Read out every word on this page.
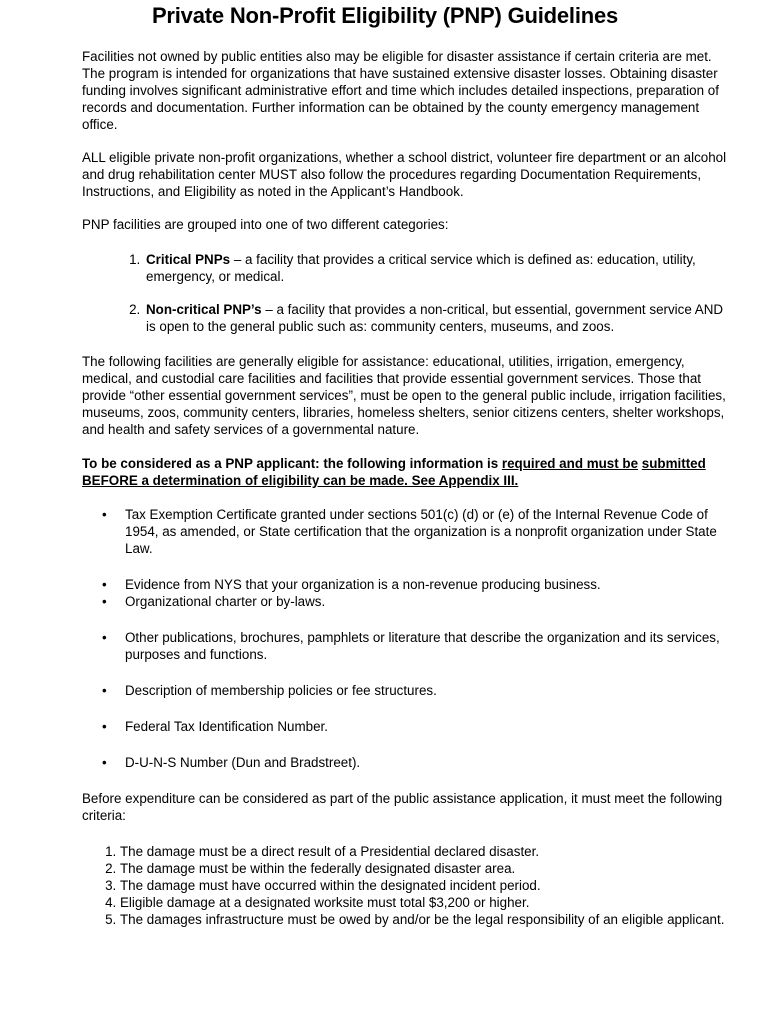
Private Non-Profit Eligibility (PNP) Guidelines

Facilities not owned by public entities also may be eligible for disaster assistance if certain criteria are met. The program is intended for organizations that have sustained extensive disaster losses. Obtaining disaster funding involves significant administrative effort and time which includes detailed inspections, preparation of records and documentation. Further information can be obtained by the county emergency management office.

ALL eligible private non-profit organizations, whether a school district, volunteer fire department or an alcohol and drug rehabilitation center MUST also follow the procedures regarding Documentation Requirements, Instructions, and Eligibility as noted in the Applicant’s Handbook.

PNP facilities are grouped into one of two different categories:

1. Critical PNPs – a facility that provides a critical service which is defined as: education, utility, emergency, or medical.
2. Non-critical PNP’s – a facility that provides a non-critical, but essential, government service AND is open to the general public such as: community centers, museums, and zoos.

The following facilities are generally eligible for assistance: educational, utilities, irrigation, emergency, medical, and custodial care facilities and facilities that provide essential government services. Those that provide “other essential government services”, must be open to the general public include, irrigation facilities, museums, zoos, community centers, libraries, homeless shelters, senior citizens centers, shelter workshops, and health and safety services of a governmental nature.

To be considered as a PNP applicant: the following information is required and must be submitted BEFORE a determination of eligibility can be made. See Appendix III.

• Tax Exemption Certificate granted under sections 501(c) (d) or (e) of the Internal Revenue Code of 1954, as amended, or State certification that the organization is a nonprofit organization under State Law.
• Evidence from NYS that your organization is a non-revenue producing business.
• Organizational charter or by-laws.
• Other publications, brochures, pamphlets or literature that describe the organization and its services, purposes and functions.
• Description of membership policies or fee structures.
• Federal Tax Identification Number.
• D-U-N-S Number (Dun and Bradstreet).

Before expenditure can be considered as part of the public assistance application, it must meet the following criteria:

1. The damage must be a direct result of a Presidential declared disaster.
2. The damage must be within the federally designated disaster area.
3. The damage must have occurred within the designated incident period.
4. Eligible damage at a designated worksite must total $3,200 or higher.
5. The damages infrastructure must be owed by and/or be the legal responsibility of an eligible applicant.
